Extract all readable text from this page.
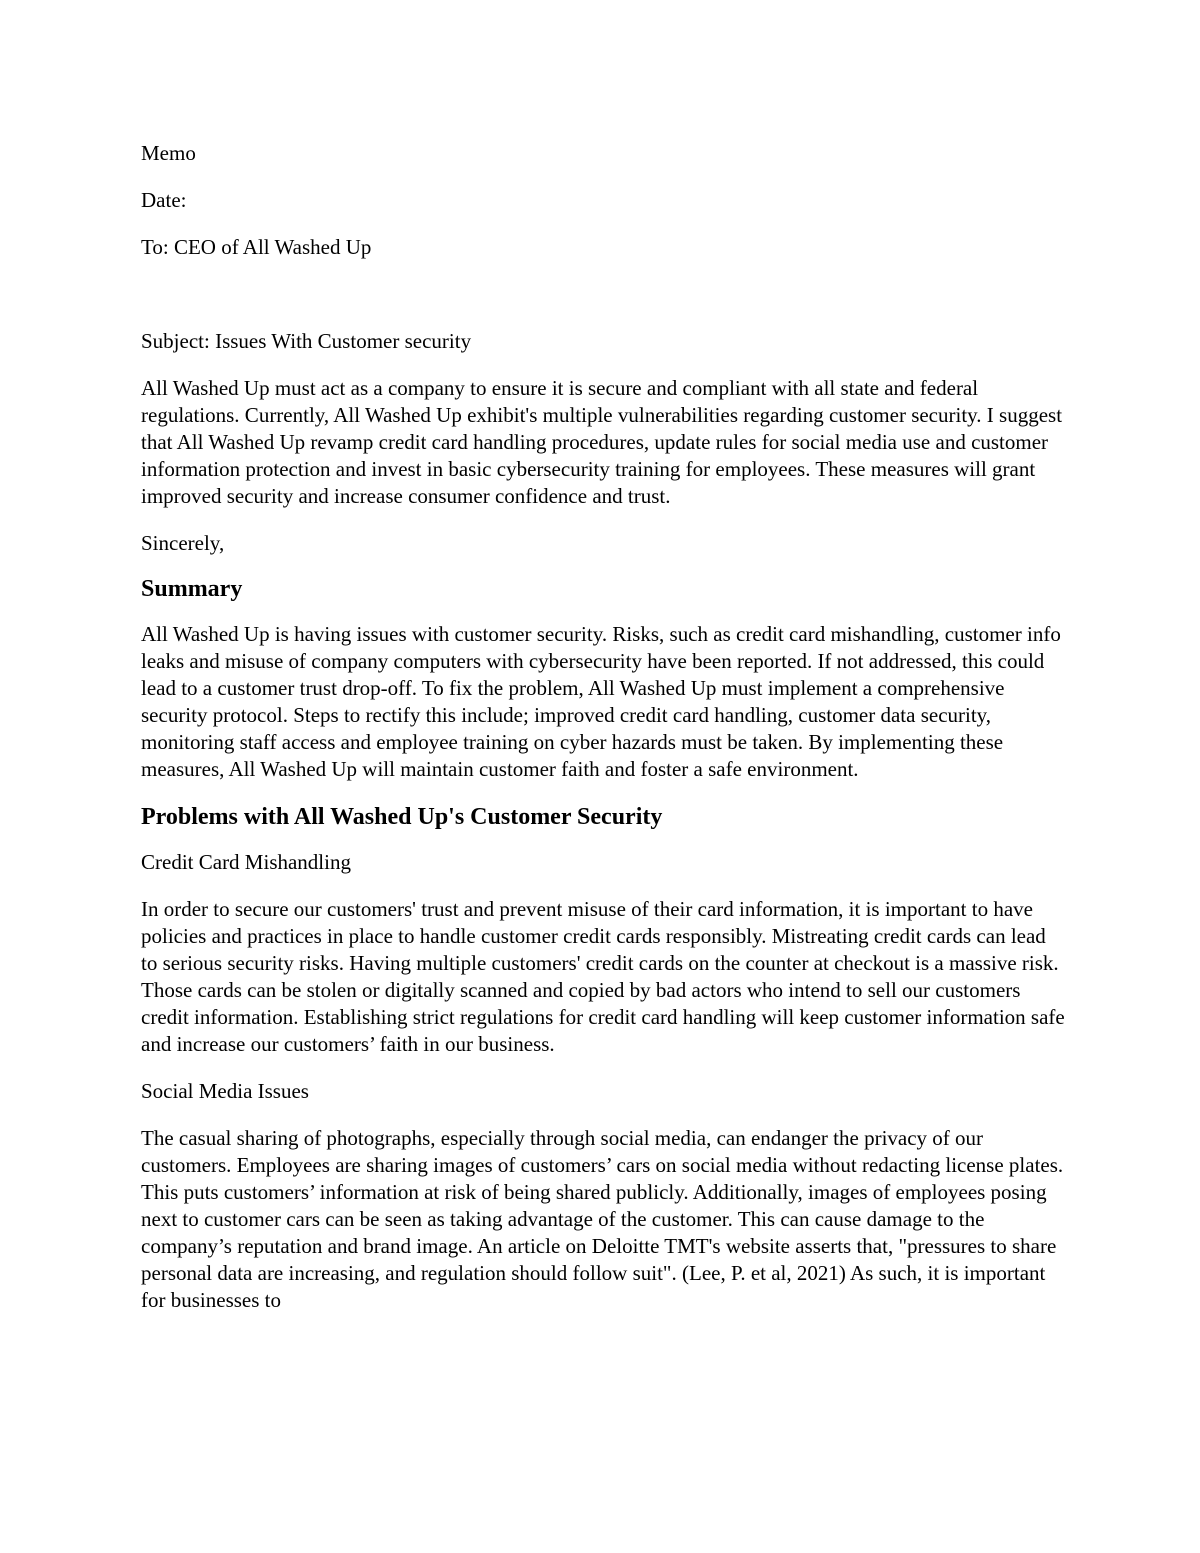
Memo

Date:

To: CEO of All Washed Up

Subject: Issues With Customer security

All Washed Up must act as a company to ensure it is secure and compliant with all state and federal regulations. Currently, All Washed Up exhibit's multiple vulnerabilities regarding customer security. I suggest that All Washed Up revamp credit card handling procedures, update rules for social media use and customer information protection and invest in basic cybersecurity training for employees. These measures will grant improved security and increase consumer confidence and trust.

Sincerely,

Summary

All Washed Up is having issues with customer security. Risks, such as credit card mishandling, customer info leaks and misuse of company computers with cybersecurity have been reported. If not addressed, this could lead to a customer trust drop-off. To fix the problem, All Washed Up must implement a comprehensive security protocol. Steps to rectify this include; improved credit card handling, customer data security, monitoring staff access and employee training on cyber hazards must be taken. By implementing these measures, All Washed Up will maintain customer faith and foster a safe environment.

Problems with All Washed Up's Customer Security

Credit Card Mishandling

In order to secure our customers' trust and prevent misuse of their card information, it is important to have policies and practices in place to handle customer credit cards responsibly. Mistreating credit cards can lead to serious security risks. Having multiple customers' credit cards on the counter at checkout is a massive risk. Those cards can be stolen or digitally scanned and copied by bad actors who intend to sell our customers credit information. Establishing strict regulations for credit card handling will keep customer information safe and increase our customers’ faith in our business.

Social Media Issues

The casual sharing of photographs, especially through social media, can endanger the privacy of our customers. Employees are sharing images of customers’ cars on social media without redacting license plates. This puts customers’ information at risk of being shared publicly. Additionally, images of employees posing next to customer cars can be seen as taking advantage of the customer. This can cause damage to the company’s reputation and brand image. An article on Deloitte TMT's website asserts that, "pressures to share personal data are increasing, and regulation should follow suit". (Lee, P. et al, 2021) As such, it is important for businesses to
